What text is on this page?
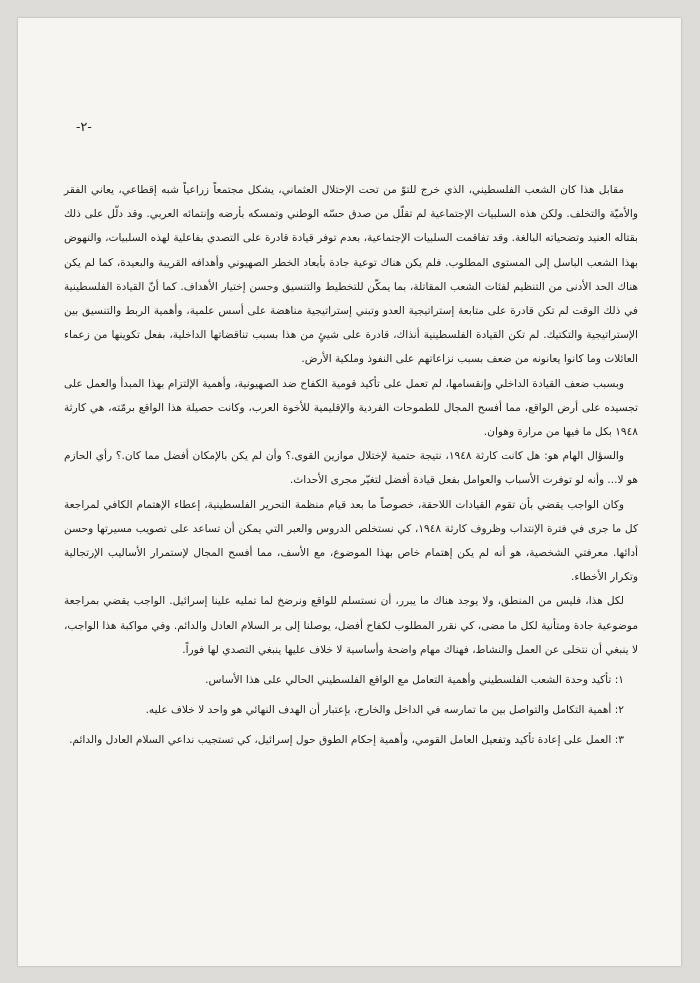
-٢-

مقابل هذا كان الشعب الفلسطيني، الذي خرج للتوّ من تحت الإحتلال العثماني، يشكل مجتمعاً زراعياً شبه إقطاعي، يعاني الفقر والأميّة والتخلف. ولكن هذه السلبيات الإجتماعية لم تقلّل من صدق حسّه الوطني وتمسكه بأرضه وإنتمائه العربي. وقد دلّل على ذلك بقتاله العنيد وتضحياته البالغة. وقد تفاقمت السلبيات الإجتماعية، بعدم توفر قيادة قادرة على التصدي بفاعلية لهذه السلبيات، والنهوض بهذا الشعب الباسل إلى المستوى المطلوب. فلم يكن هناك توعية جادة بأبعاد الخطر الصهيوني وأهدافه القريبة والبعيدة، كما لم يكن هناك الحد الأدنى من التنظيم لفئات الشعب المقاتلة، بما يمكّن للتخطيط والتنسيق وحسن إختيار الأهداف. كما أنّ القيادة الفلسطينية في ذلك الوقت لم تكن قادرة على متابعة إستراتيجية العدو وتبني إستراتيجية مناهضة على أسس علمية، وأهمية الربط والتنسيق بين الإستراتيجية والتكتيك. لم تكن القيادة الفلسطينية أنذاك، قادرة على شيئٍ من هذا بسبب تناقضاتها الداخلية، بفعل تكوينها من زعماء العائلات وما كانوا يعانونه من ضعف بسبب نزاعاتهم على النفوذ وملكية الأرض.

وبسبب ضعف القيادة الداخلي وإنقسامها، لم تعمل على تأكيد قومية الكفاح ضد الصهيونية، وأهمية الإلتزام بهذا المبدأ والعمل على تجسيده على أرض الواقع، مما أفسح المجال للطموحات الفردية والإقليمية للأخوة العرب، وكانت حصيلة هذا الواقع برمّته، هي كارثة ١٩٤٨ بكل ما فيها من مرارة وهوان.

والسؤال الهام هو: هل كانت كارثة ١٩٤٨، نتيجة حتمية لإختلال موازين القوى.؟ وأن لم يكن بالإمكان أفضل مما كان.؟ رأي الحازم هو لا... وأنه لو توفرت الأسباب والعوامل بفعل قيادة أفضل لتغيّر مجرى الأحداث.

وكان الواجب يقضي بأن تقوم القيادات اللاحقة، خصوصاً ما بعد قيام منظمة التحرير الفلسطينية، إعطاء الإهتمام الكافي لمراجعة كل ما جرى في فترة الإنتداب وظروف كارثة ١٩٤٨، كي نستخلص الدروس والعبر التي يمكن أن تساعد على تصويب مسيرتها وحسن أدائها. معرفتي الشخصية، هو أنه لم يكن إهتمام خاص بهذا الموضوع، مع الأسف، مما أفسح المجال لإستمرار الأساليب الإرتجالية وتكرار الأخطاء.

لكل هذا، فليس من المنطق، ولا يوجد هناك ما يبرر، أن نستسلم للواقع ونرضخ لما تمليه علينا إسرائيل. الواجب يقضي بمراجعة موضوعية جادة ومتأنية لكل ما مضى، كي نقرر المطلوب لكفاح أفضل، يوصلنا إلى بر السلام العادل والدائم. وفي مواكبة هذا الواجب، لا ينبغي أن نتخلى عن العمل والنشاط، فهناك مهام واضحة وأساسية لا خلاف عليها ينبغي التصدي لها فوراً.

١: تأكيد وحدة الشعب الفلسطيني وأهمية التعامل مع الواقع الفلسطيني الحالي على هذا الأساس.

٢: أهمية التكامل والتواصل بين ما تمارسه في الداخل والخارج، بإعتبار أن الهدف النهائي هو واحد لا خلاف عليه.

٣: العمل على إعادة تأكيد وتفعيل العامل القومي، وأهمية إحكام الطوق حول إسرائيل، كي تستجيب نداعي السلام العادل والدائم.
